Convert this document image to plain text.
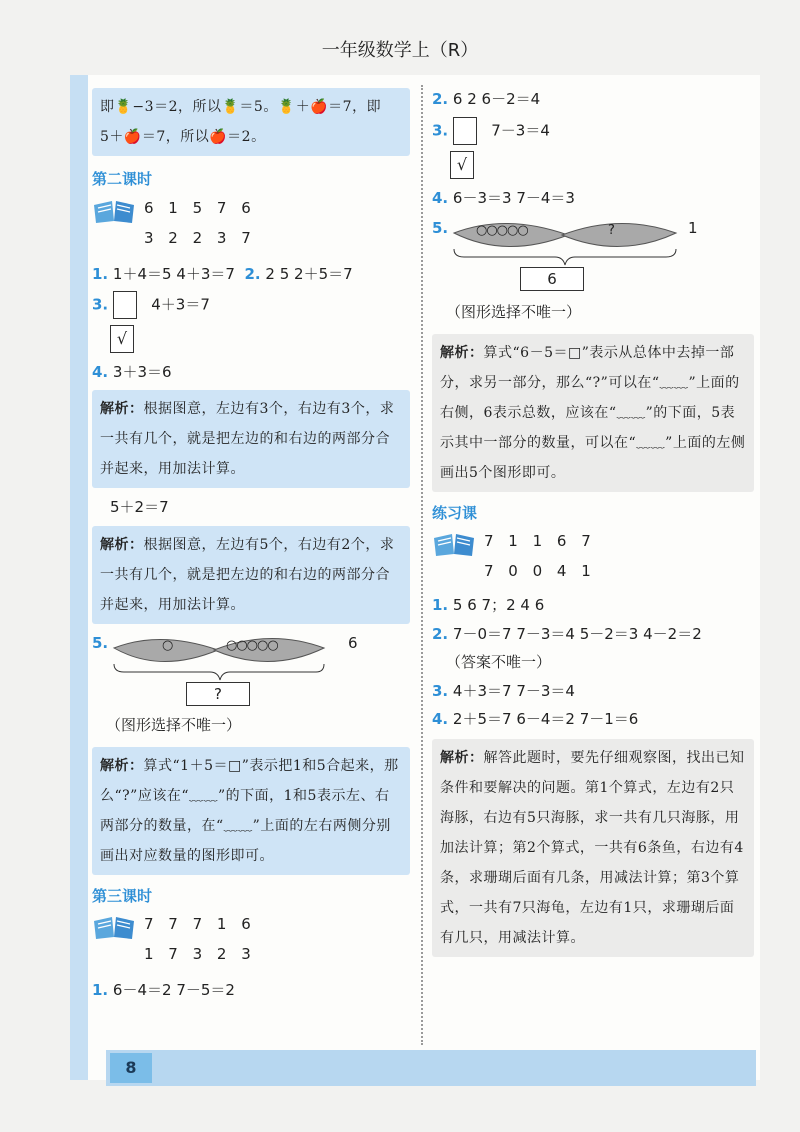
一年级数学上（R）
即🍍−3＝2，所以🍍＝5。🍍＋🍎＝7，即
5＋🍎＝7，所以🍎＝2。
第二课时
6 1 5 7 6
3 2 2 3 7
1. 1＋4＝5 4＋3＝7 2. 2 5 2＋5＝7
3.	4＋3＝7
√
4. 3＋3＝6
解析：根据图意，左边有3个，右边有3个，求一共有几个，就是把左边的和右边的两部分合并起来，用加法计算。
5＋2＝7
解析：根据图意，左边有5个，右边有2个，求一共有几个，就是把左边的和右边的两部分合并起来，用加法计算。
5.	○	○○○○○	6
?
（图形选择不唯一）
解析：算式“1＋5＝□”表示把1和5合起来，那么“?”应该在“﹏﹏”的下面，1和5表示左、右两部分的数量，在“﹏﹏”上面的左右两侧分别画出对应数量的图形即可。
第三课时
7 7 7 1 6
1 7 3 2 3
1. 6－4＝2 7－5＝2
2. 6 2 6－2＝4
3.	7－3＝4
√
4. 6－3＝3 7－4＝3
5. ○○○○○	?	1
6
（图形选择不唯一）
解析：算式“6－5＝□”表示从总体中去掉一部分，求另一部分，那么“?”可以在“﹏﹏”上面的右侧，6表示总数，应该在“﹏﹏”的下面，5表示其中一部分的数量，可以在“﹏﹏”上面的左侧画出5个图形即可。
练习课
7 1 1 6 7
7 0 0 4 1
1. 5 6 7；2 4 6
2. 7－0＝7 7－3＝4 5－2＝3 4－2＝2
（答案不唯一）
3. 4＋3＝7 7－3＝4
4. 2＋5＝7 6－4＝2 7－1＝6
解析：解答此题时，要先仔细观察图，找出已知条件和要解决的问题。第1个算式，左边有2只海豚，右边有5只海豚，求一共有几只海豚，用加法计算；第2个算式，一共有6条鱼，右边有4条，求珊瑚后面有几条，用减法计算；第3个算式，一共有7只海龟，左边有1只，求珊瑚后面有几只，用减法计算。
8
